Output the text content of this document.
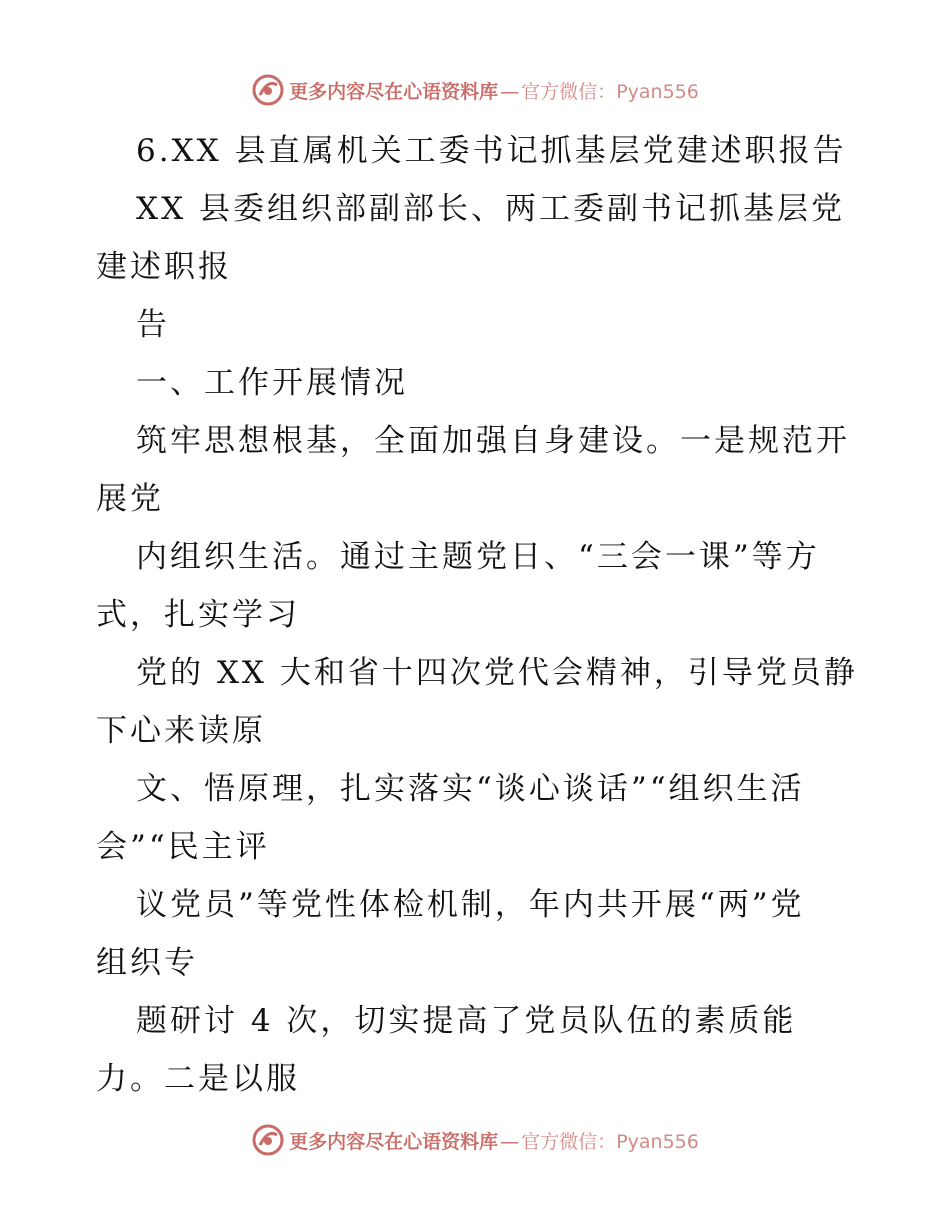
更多内容尽在心语资料库 — 官方微信：Pyan556
6.XX 县直属机关工委书记抓基层党建述职报告
XX 县委组织部副部长、两工委副书记抓基层党
建述职报
告
一、工作开展情况
筑牢思想根基，全面加强自身建设。一是规范开
展党
内组织生活。通过主题党日、“三会一课”等方
式，扎实学习
党的 XX 大和省十四次党代会精神，引导党员静
下心来读原
文、悟原理，扎实落实“谈心谈话”“组织生活
会”“民主评
议党员”等党性体检机制，年内共开展“两”党
组织专
题研讨 4 次，切实提高了党员队伍的素质能
力。二是以服
更多内容尽在心语资料库 — 官方微信：Pyan556
